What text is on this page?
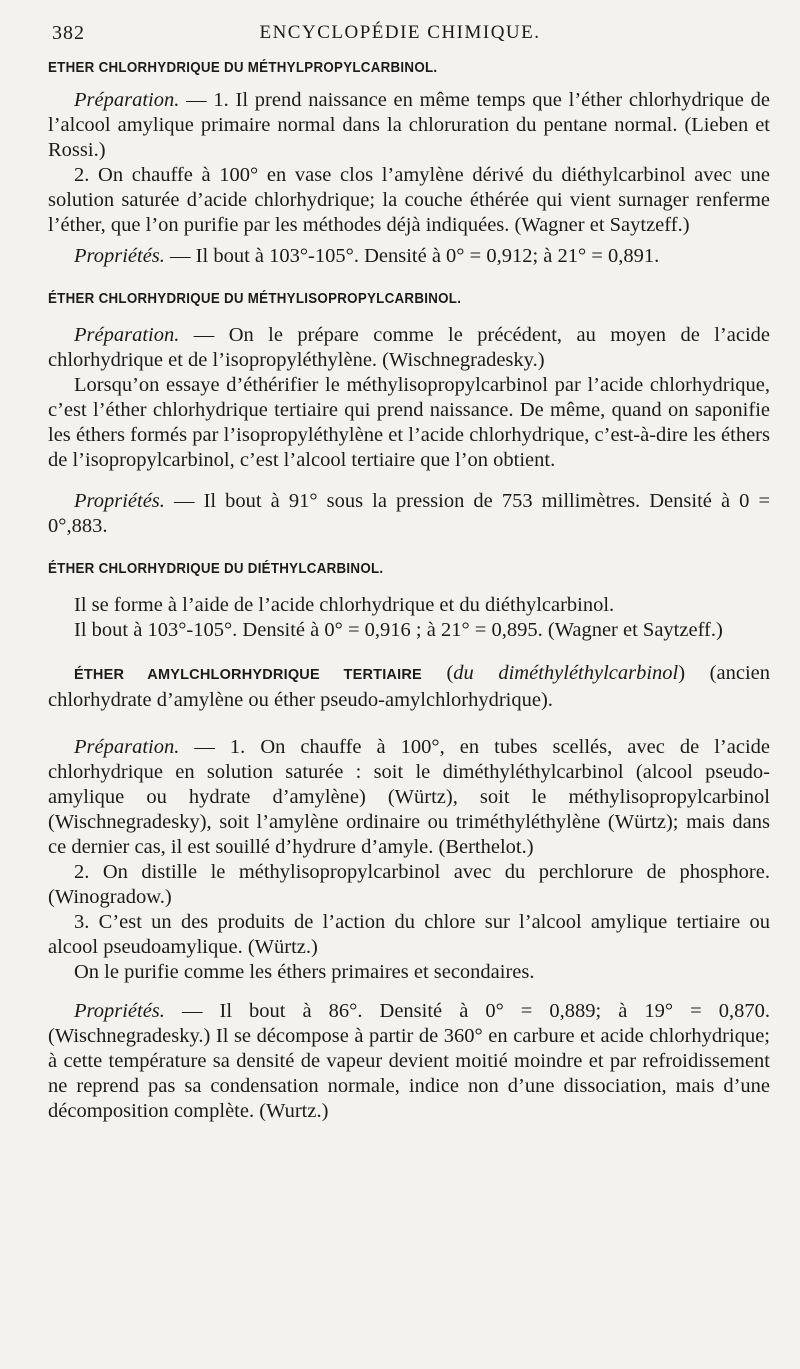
ENCYCLOPÉDIE CHIMIQUE.
382
ETHER CHLORHYDRIQUE DU MÉTHYLPROPYLCARBINOL.

Préparation. — 1. Il prend naissance en même temps que l’éther chlorhydrique de l’alcool amylique primaire normal dans la chloruration du pentane normal. (Lieben et Rossi.)

2. On chauffe à 100° en vase clos l’amylène dérivé du diéthylcarbinol avec une solution saturée d’acide chlorhydrique; la couche éthérée qui vient surnager renferme l’éther, que l’on purifie par les méthodes déjà indiquées. (Wagner et Saytzeff.)

Propriétés. — Il bout à 103°-105°. Densité à 0° = 0,912; à 21° = 0,891.

ÉTHER CHLORHYDRIQUE DU MÉTHYLISOPROPYLCARBINOL.

Préparation. — On le prépare comme le précédent, au moyen de l’acide chlorhydrique et de l’isopropyléthylène. (Wischnegradesky.)

Lorsqu’on essaye d’éthérifier le méthylisopropylcarbinol par l’acide chlorhydrique, c’est l’éther chlorhydrique tertiaire qui prend naissance. De même, quand on saponifie les éthers formés par l’isopropyléthylène et l’acide chlorhydrique, c’est-à-dire les éthers de l’isopropylcarbinol, c’est l’alcool tertiaire que l’on obtient.

Propriétés. — Il bout à 91° sous la pression de 753 millimètres. Densité à 0 = 0°,883.

ÉTHER CHLORHYDRIQUE DU DIÉTHYLCARBINOL.

Il se forme à l’aide de l’acide chlorhydrique et du diéthylcarbinol.

Il bout à 103°-105°. Densité à 0° = 0,916 ; à 21° = 0,895. (Wagner et Saytzeff.)

ÉTHER AMYLCHLORHYDRIQUE TERTIAIRE (du diméthyléthylcarbinol) (ancien chlorhydrate d’amylène ou éther pseudo-amylchlorhydrique).

Préparation. — 1. On chauffe à 100°, en tubes scellés, avec de l’acide chlorhydrique en solution saturée : soit le diméthyléthylcarbinol (alcool pseudo-amylique ou hydrate d’amylène) (Würtz), soit le méthylisopropylcarbinol (Wischnegradesky), soit l’amylène ordinaire ou triméthyléthylène (Würtz); mais dans ce dernier cas, il est souillé d’hydrure d’amyle. (Berthelot.)

2. On distille le méthylisopropylcarbinol avec du perchlorure de phosphore. (Winogradow.)

3. C’est un des produits de l’action du chlore sur l’alcool amylique tertiaire ou alcool pseudoamylique. (Würtz.)

On le purifie comme les éthers primaires et secondaires.

Propriétés. — Il bout à 86°. Densité à 0° = 0,889; à 19° = 0,870. (Wischnegradesky.) Il se décompose à partir de 360° en carbure et acide chlorhydrique; à cette température sa densité de vapeur devient moitié moindre et par refroidissement ne reprend pas sa condensation normale, indice non d’une dissociation, mais d’une décomposition complète. (Wurtz.)
